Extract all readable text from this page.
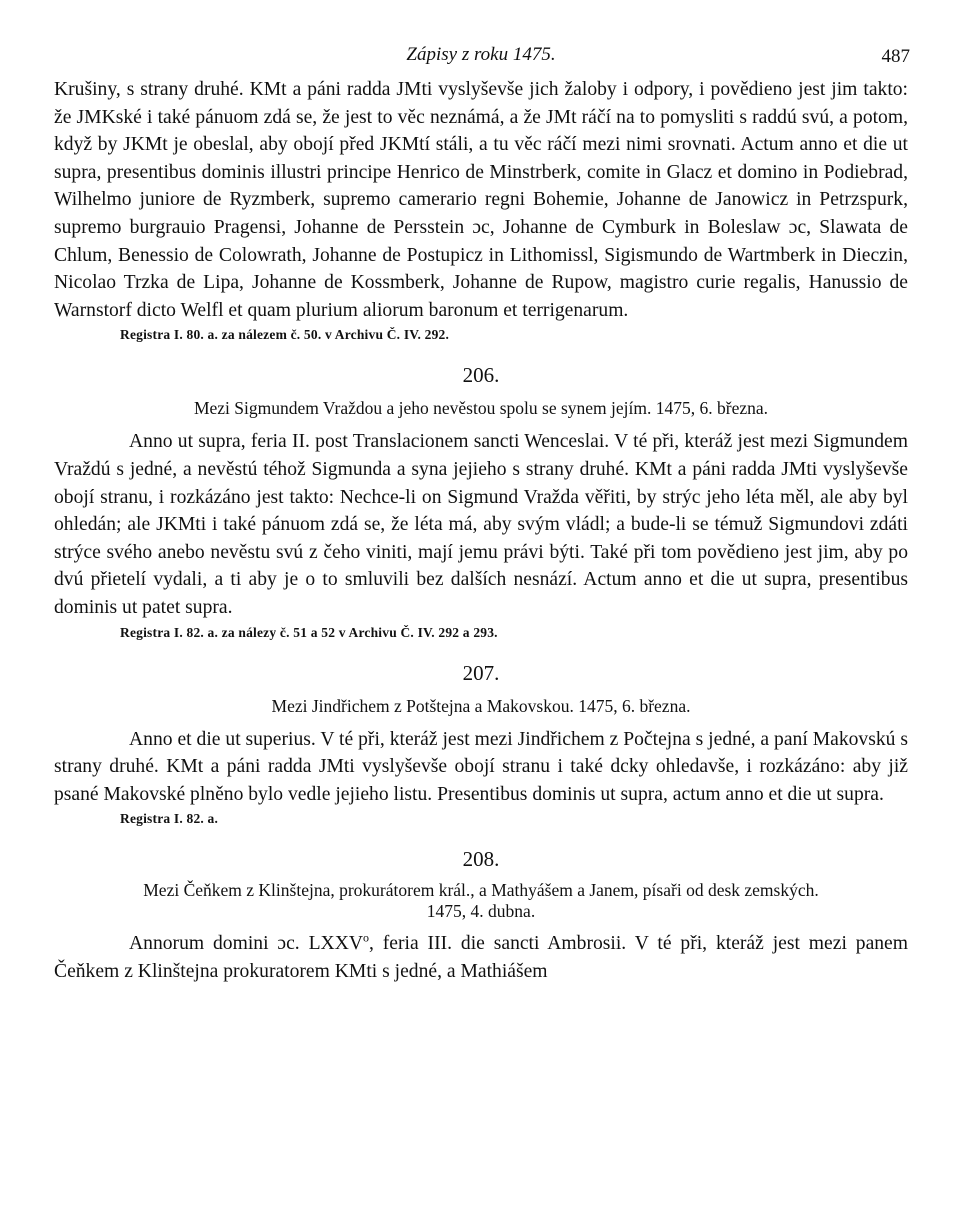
Zápisy z roku 1475.	487

Krušiny, s strany druhé. KMt a páni radda JMti vyslyševše jich žaloby i odpory, i povědieno jest jim takto: že JMKské i také pánuom zdá se, že jest to věc neznámá, a že JMt ráčí na to pomysliti s raddú svú, a potom, když by JKMt je obeslal, aby obojí před JKMtí stáli, a tu věc ráčí mezi nimi srovnati. Actum anno et die ut supra, presentibus dominis illustri principe Henrico de Minstrberk, comite in Glacz et domino in Podiebrad, Wilhelmo juniore de Ryzmberk, supremo camerario regni Bohemie, Johanne de Janowicz in Petrzspurk, supremo burgrauio Pragensi, Johanne de Persstein ɔc, Johanne de Cymburk in Boleslaw ɔc, Slawata de Chlum, Benessio de Colowrath, Johanne de Postupicz in Lithomissl, Sigismundo de Wartmberk in Dieczin, Nicolao Trzka de Lipa, Johanne de Kossmberk, Johanne de Rupow, magistro curie regalis, Hanussio de Warnstorf dicto Welfl et quam plurium aliorum baronum et terrigenarum.

Registra I. 80. a. za nálezem č. 50. v Archivu Č. IV. 292.
206.
Mezi Sigmundem Vraždou a jeho nevěstou spolu se synem jejím. 1475, 6. března.

Anno ut supra, feria II. post Translacionem sancti Wenceslai. V té při, kteráž jest mezi Sigmundem Vraždú s jedné, a nevěstú téhož Sigmunda a syna jejieho s strany druhé. KMt a páni radda JMti vyslyševše obojí stranu, i rozkázáno jest takto: Nechce-li on Sigmund Vražda věřiti, by strýc jeho léta měl, ale aby byl ohledán; ale JKMti i také pánuom zdá se, že léta má, aby svým vládl; a bude-li se témuž Sigmundovi zdáti strýce svého anebo nevěstu svú z čeho viniti, mají jemu právi býti. Také při tom povědieno jest jim, aby po dvú přietelí vydali, a ti aby je o to smluvili bez dalších nesnází. Actum anno et die ut supra, presentibus dominis ut patet supra.

Registra I. 82. a. za nálezy č. 51 a 52 v Archivu Č. IV. 292 a 293.
207.
Mezi Jindřichem z Potštejna a Makovskou. 1475, 6. března.

Anno et die ut superius. V té při, kteráž jest mezi Jindřichem z Počtejna s jedné, a paní Makovskú s strany druhé. KMt a páni radda JMti vyslyševše obojí stranu i také dcky ohledavše, i rozkázáno: aby již psané Makovské plněno bylo vedle jejieho listu. Presentibus dominis ut supra, actum anno et die ut supra.

Registra I. 82. a.
208.
Mezi Čeňkem z Klinštejna, prokurátorem král., a Mathyášem a Janem, písaři od desk zemských.
1475, 4. dubna.

Annorum domini ɔc. LXXV$^o$, feria III. die sancti Ambrosii. V té při, kteráž jest mezi panem Čeňkem z Klinštejna prokuratorem KMti s jedné, a Mathiášem
